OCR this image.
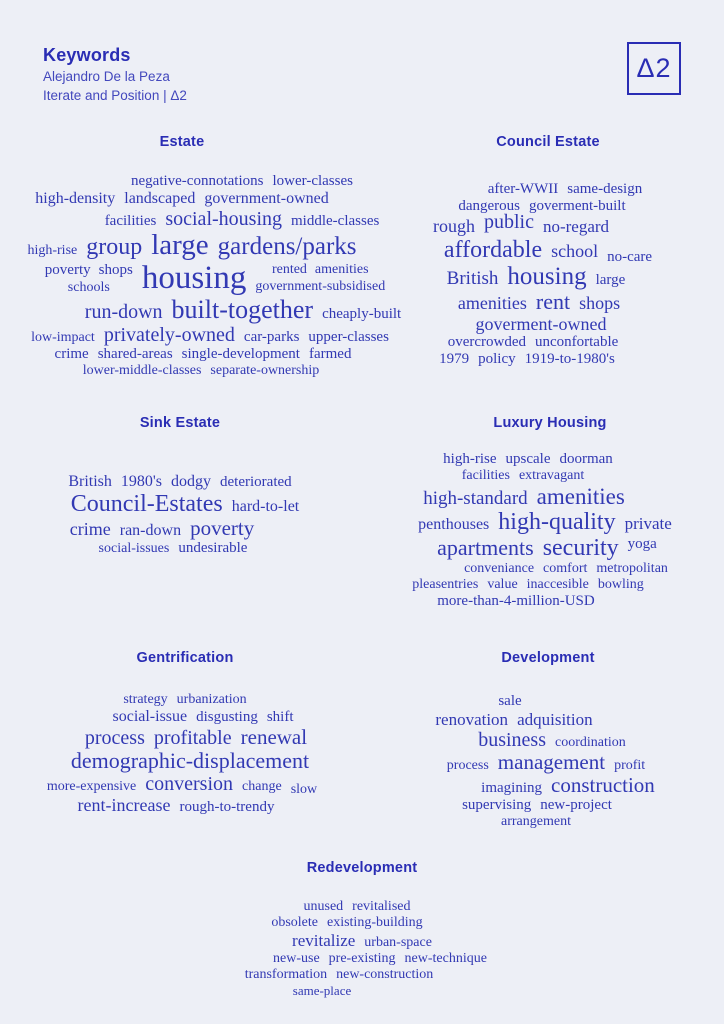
Keywords

Alejandro De la Peza

Iterate and Position | Δ2

Δ2
Estate
negative-connotations lower-classes
high-density landscaped government-owned
facilities social-housing middle-classes
high-rise group large gardens/parks
poverty shops
schools housing rented amenities
government-subsidised
run-down built-together cheaply-built
low-impact privately-owned car-parks upper-classes
crime shared-areas single-development farmed
lower-middle-classes separate-ownership
Council Estate
after-WWII same-design
dangerous goverment-built
rough public no-regard
affordable school no-care
British housing large
amenities rent shops
goverment-owned
overcrowded unconfortable
1979 policy 1919-to-1980's
Sink Estate
British 1980's dodgy deteriorated
Council-Estates hard-to-let
crime ran-down poverty
social-issues undesirable
Luxury Housing
high-rise upscale doorman
facilities extravagant
high-standard amenities
penthouses high-quality private
apartments security yoga
conveniance comfort metropolitan
pleasentries value inaccesible bowling
more-than-4-million-USD
Gentrification
strategy urbanization
social-issue disgusting shift
process profitable renewal
demographic-displacement
more-expensive conversion change slow
rent-increase rough-to-trendy
Development
sale
renovation adquisition
business coordination
process management profit
imagining construction
supervising new-project
arrangement
Redevelopment
unused revitalised
obsolete existing-building
revitalize urban-space
new-use pre-existing new-technique
transformation new-construction
same-place
